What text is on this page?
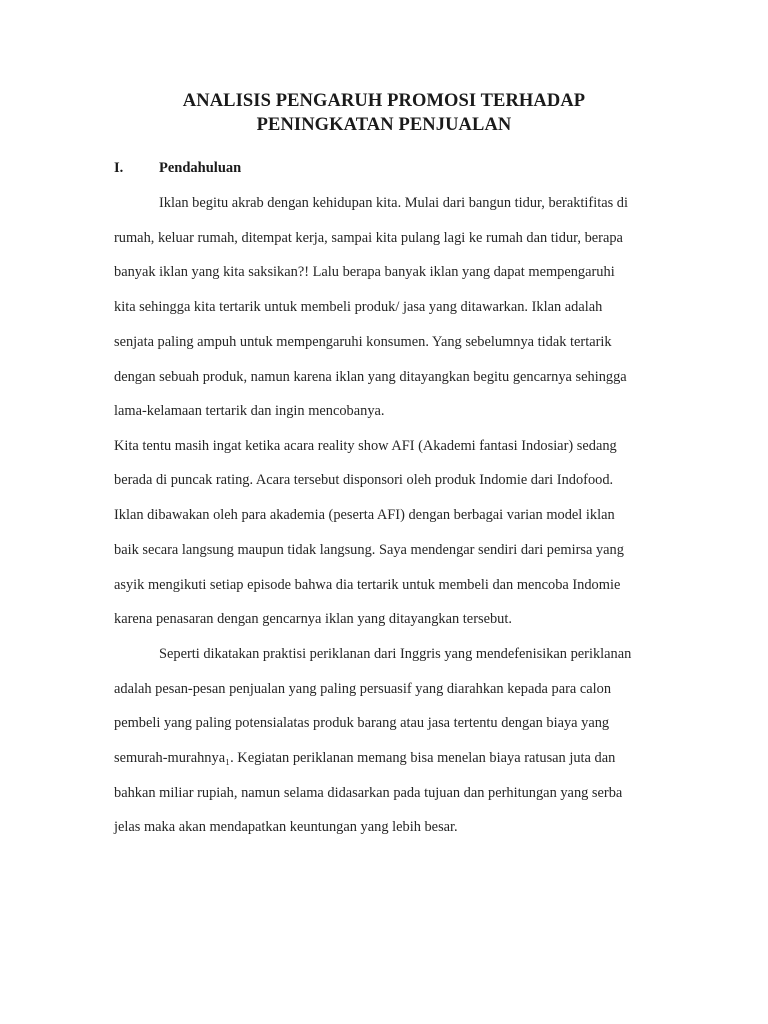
ANALISIS PENGARUH PROMOSI TERHADAP
PENINGKATAN PENJUALAN
I. Pendahuluan
Iklan begitu akrab dengan kehidupan kita. Mulai dari bangun tidur, beraktifitas di
rumah, keluar rumah, ditempat kerja, sampai kita pulang lagi ke rumah dan tidur, berapa
banyak iklan yang kita saksikan?! Lalu berapa banyak iklan yang dapat mempengaruhi
kita sehingga kita tertarik untuk membeli produk/ jasa yang ditawarkan. Iklan adalah
senjata paling ampuh untuk mempengaruhi konsumen. Yang sebelumnya tidak tertarik
dengan sebuah produk, namun karena iklan yang ditayangkan begitu gencarnya sehingga
lama-kelamaan tertarik dan ingin mencobanya.
Kita tentu masih ingat ketika acara reality show AFI (Akademi fantasi Indosiar) sedang
berada di puncak rating. Acara tersebut disponsori oleh produk Indomie dari Indofood.
Iklan dibawakan oleh para akademia (peserta AFI) dengan berbagai varian model iklan
baik secara langsung maupun tidak langsung. Saya mendengar sendiri dari pemirsa yang
asyik mengikuti setiap episode bahwa dia tertarik untuk membeli dan mencoba Indomie
karena penasaran dengan gencarnya iklan yang ditayangkan tersebut.
Seperti dikatakan praktisi periklanan dari Inggris yang mendefenisikan periklanan
adalah pesan-pesan penjualan yang paling persuasif yang diarahkan kepada para calon
pembeli yang paling potensialatas produk barang atau jasa tertentu dengan biaya yang
semurah-murahnya₁. Kegiatan periklanan memang bisa menelan biaya ratusan juta dan
bahkan miliar rupiah, namun selama didasarkan pada tujuan dan perhitungan yang serba
jelas maka akan mendapatkan keuntungan yang lebih besar.
